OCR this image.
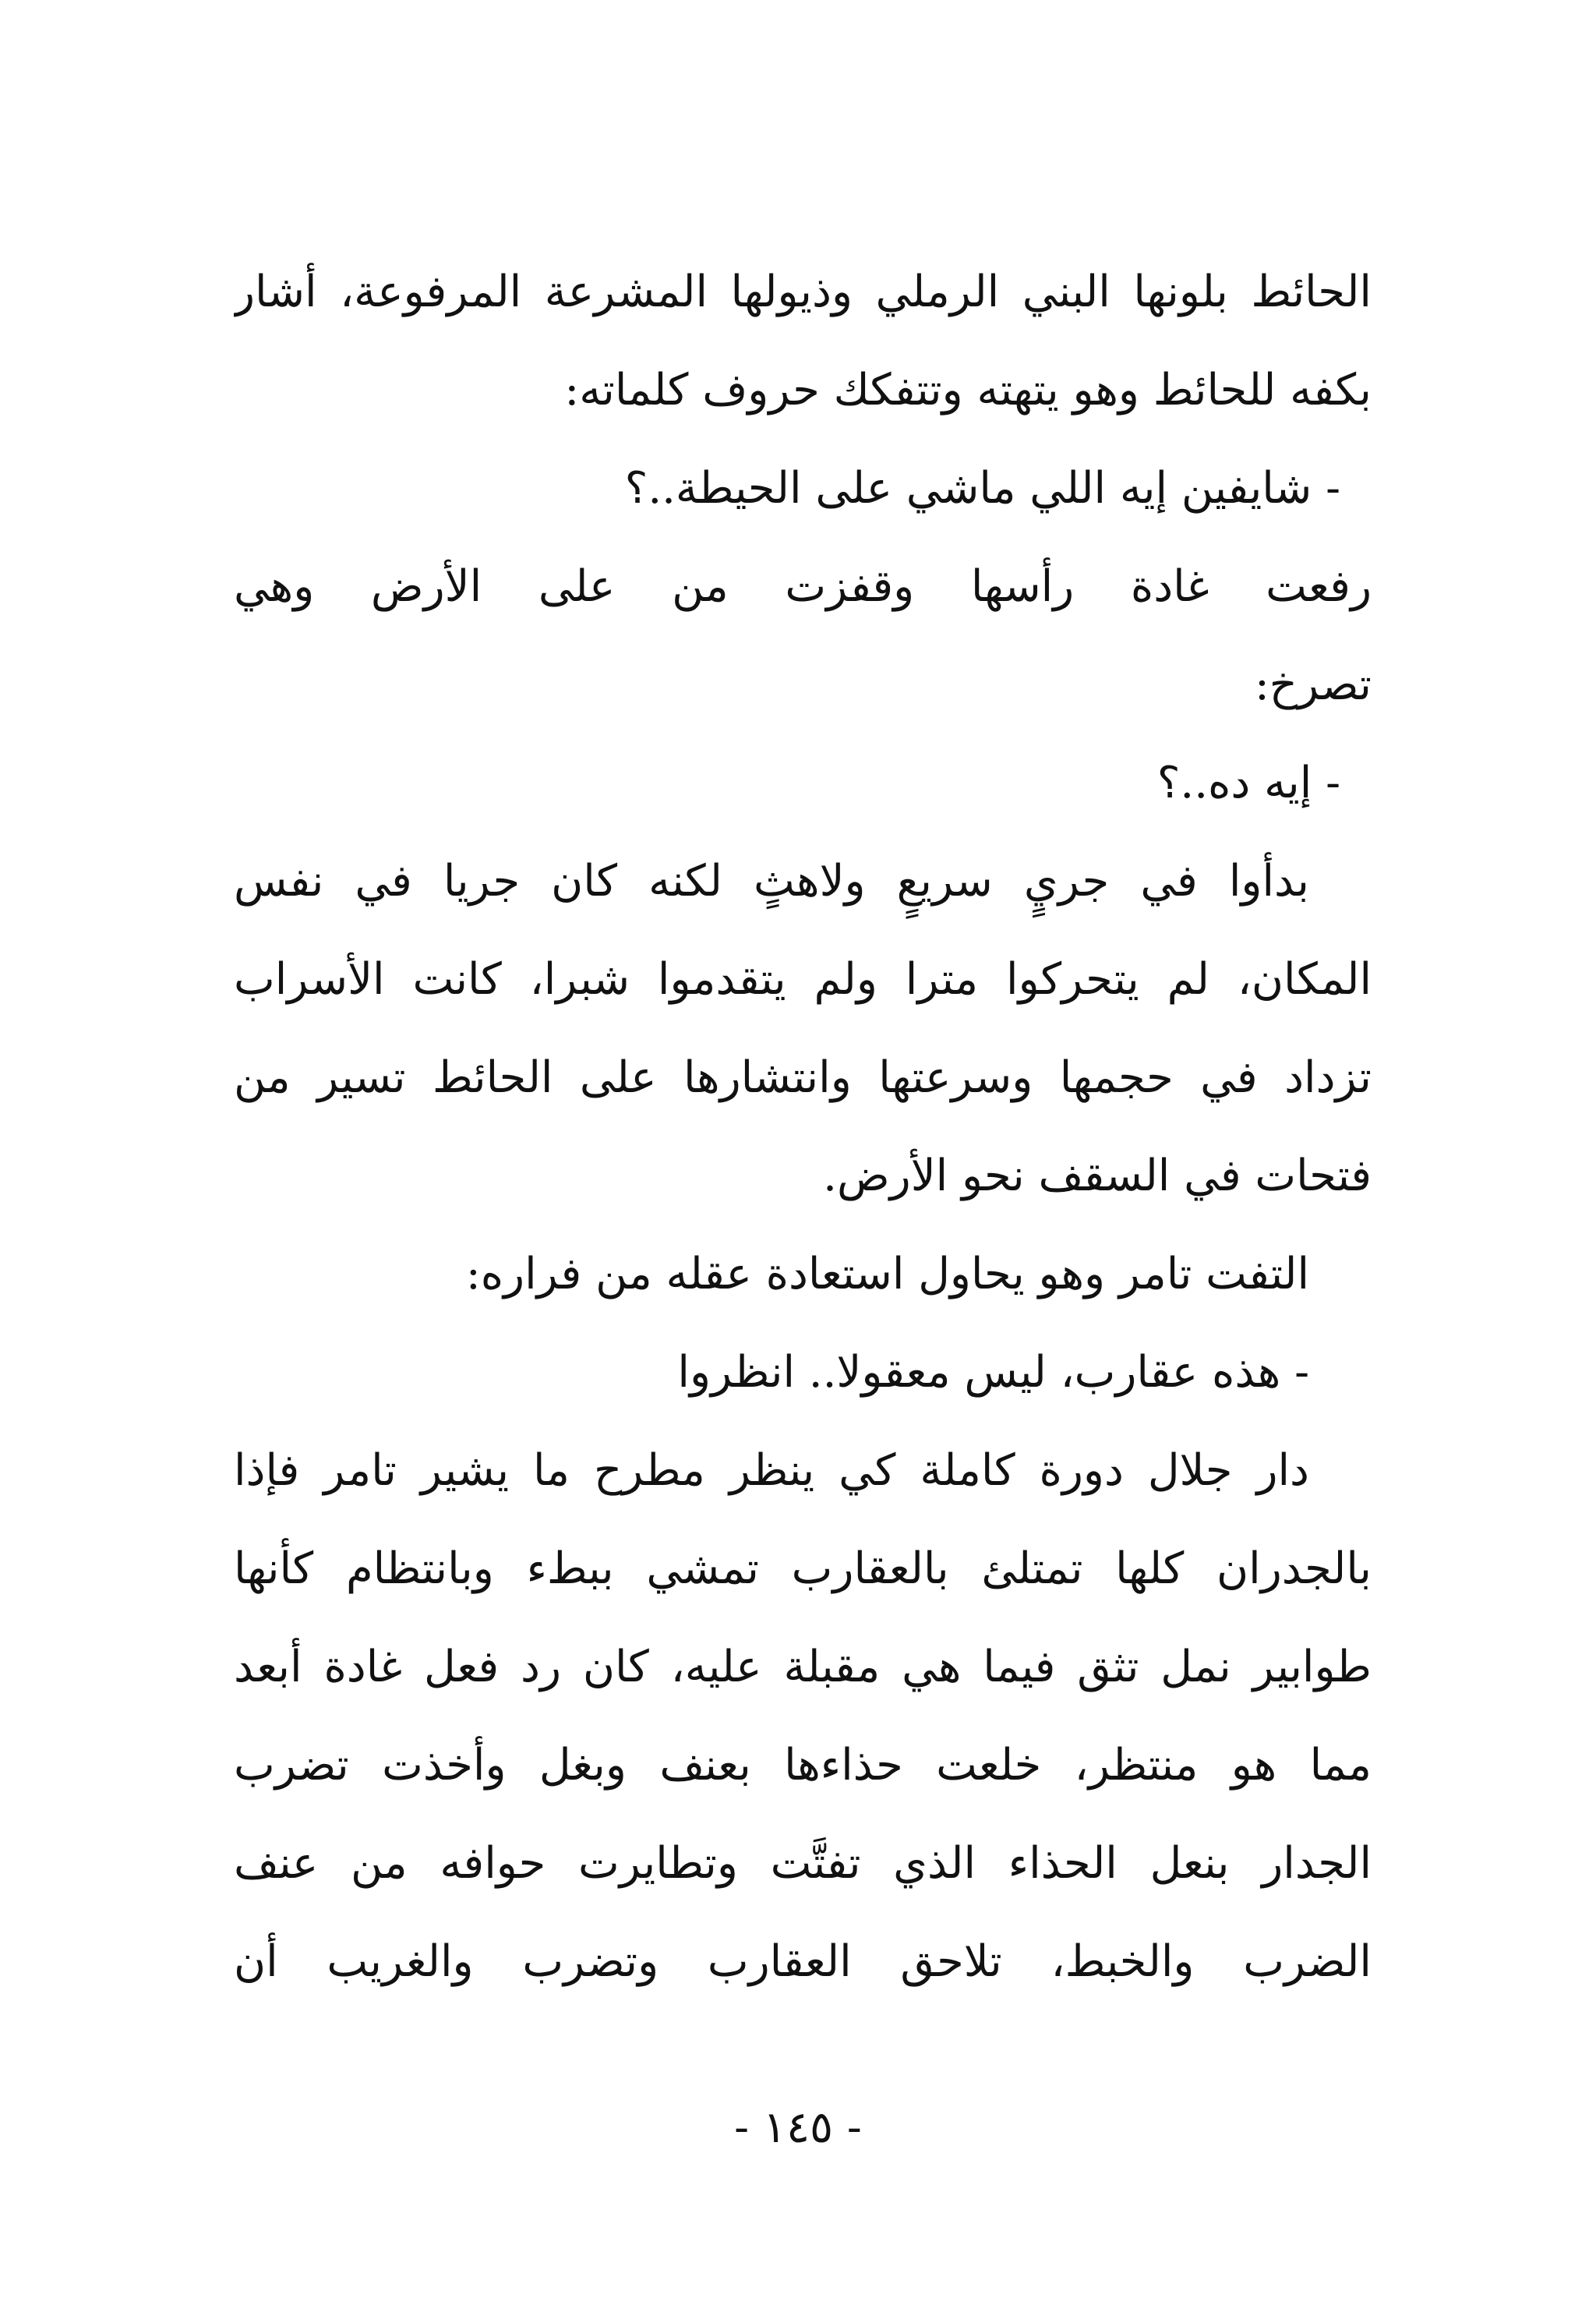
الحائط بلونها البني الرملي وذيولها المشرعة المرفوعة، أشار
بكفه للحائط وهو يتهته وتتفكك حروف كلماته:
- شايفين إيه اللي ماشي على الحيطة..؟
رفعت غادة رأسها وقفزت من على الأرض وهي
تصرخ:
- إيه ده..؟
بدأوا في جريٍ سريعٍ ولاهثٍ لكنه كان جريا في نفس
المكان، لم يتحركوا مترا ولم يتقدموا شبرا، كانت الأسراب
تزداد في حجمها وسرعتها وانتشارها على الحائط تسير من
فتحات في السقف نحو الأرض.
التفت تامر وهو يحاول استعادة عقله من فراره:
- هذه عقارب، ليس معقولا.. انظروا
دار جلال دورة كاملة كي ينظر مطرح ما يشير تامر فإذا
بالجدران كلها تمتلئ بالعقارب تمشي ببطء وبانتظام كأنها
طوابير نمل تثق فيما هي مقبلة عليه، كان رد فعل غادة أبعد
مما هو منتظر، خلعت حذاءها بعنف وبغل وأخذت تضرب
الجدار بنعل الحذاء الذي تفتَّت وتطايرت حوافه من عنف
الضرب والخبط، تلاحق العقارب وتضرب والغريب أن
- ١٤٥ -
